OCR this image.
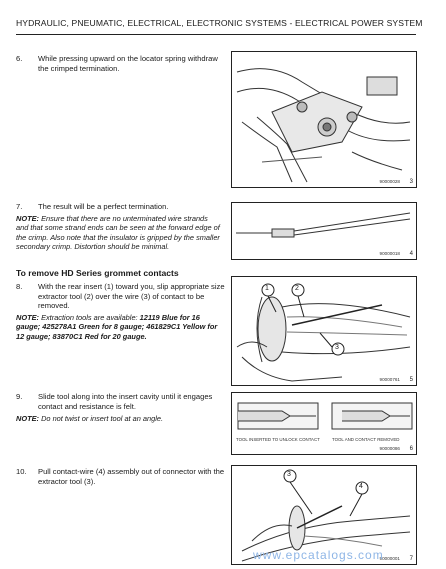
HYDRAULIC, PNEUMATIC, ELECTRICAL, ELECTRONIC SYSTEMS - ELECTRICAL POWER SYSTEM
6. While pressing upward on the locator spring withdraw the crimped termination.
90000028 3
7. The result will be a perfect termination.
NOTE: Ensure that there are no unterminated wire strands and that some strand ends can be seen at the forward edge of the crimp. Also note that the insulator is gripped by the smaller secondary crimp. Distortion should be minimal.
90000018 4
To remove HD Series grommet contacts
8. With the rear insert (1) toward you, slip appropriate size extractor tool (2) over the wire (3) of contact to be removed.
NOTE: Extraction tools are available: 12119 Blue for 16 gauge; 425278A1 Green for 8 gauge; 461829C1 Yellow for 12 gauge; 83870C1 Red for 20 gauge.
1	2
3
90000761 5
9. Slide tool along into the insert cavity until it engages contact and resistance is felt.
NOTE: Do not twist or insert tool at an angle.
TOOL INSERTED TO UNLOCK CONTACT	TOOL AND CONTACT REMOVED
90000086 6
10. Pull contact-wire (4) assembly out of connector with the extractor tool (3).
3
4
90000001 7
www.epcatalogs.com
